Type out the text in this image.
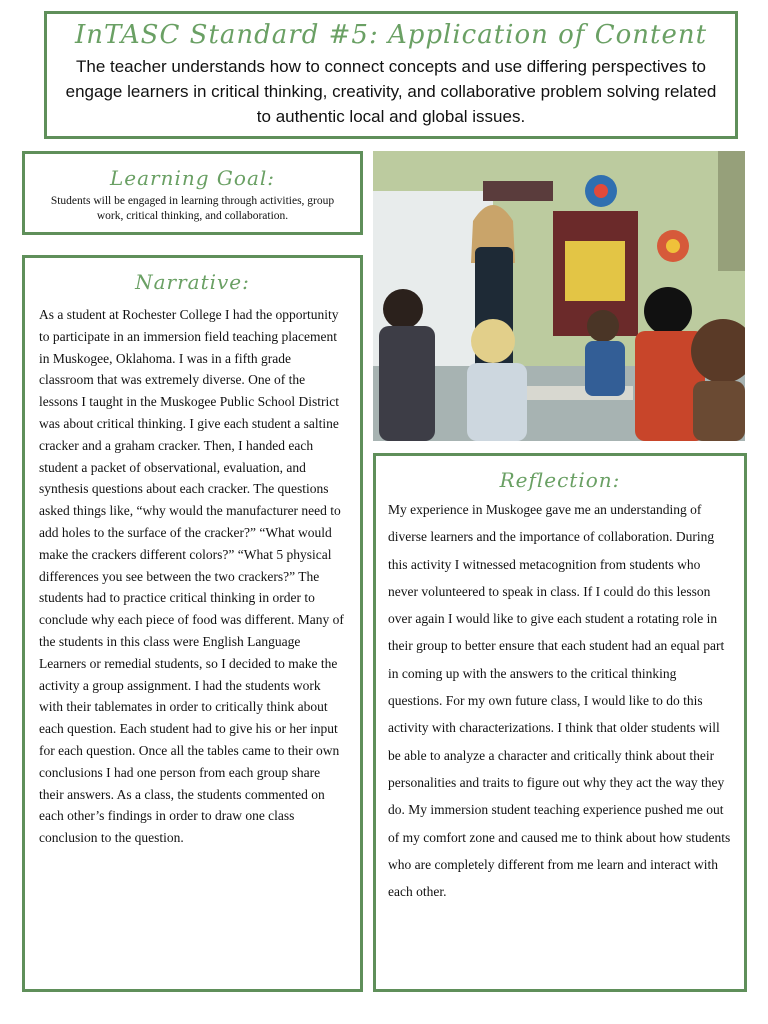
InTASC Standard #5: Application of Content
The teacher understands how to connect concepts and use differing perspectives to engage learners in critical thinking, creativity, and collaborative problem solving related to authentic local and global issues.
Learning Goal:
Students will be engaged in learning through activities, group work, critical thinking, and collaboration.
Narrative:
As a student at Rochester College I had the opportunity to participate in an immersion field teaching placement in Muskogee, Oklahoma. I was in a fifth grade classroom that was extremely diverse. One of the lessons I taught in the Muskogee Public School District was about critical thinking. I give each student a saltine cracker and a graham cracker. Then, I handed each student a packet of observational, evaluation, and synthesis questions about each cracker. The questions asked things like, “why would the manufacturer need to add holes to the surface of the cracker?” “What would make the crackers different colors?” “What 5 physical differences you see between the two crackers?” The students had to practice critical thinking in order to conclude why each piece of food was different. Many of the students in this class were English Language Learners or remedial students, so I decided to make the activity a group assignment. I had the students work with their tablemates in order to critically think about each question. Each student had to give his or her input for each question. Once all the tables came to their own conclusions I had one person from each group share their answers. As a class, the students commented on each other’s findings in order to draw one class conclusion to the question.
Reflection:
My experience in Muskogee gave me an understanding of diverse learners and the importance of collaboration. During this activity I witnessed metacognition from students who never volunteered to speak in class. If I could do this lesson over again I would like to give each student a rotating role in their group to better ensure that each student had an equal part in coming up with the answers to the critical thinking questions. For my own future class, I would like to do this activity with characterizations. I think that older students will be able to analyze a character and critically think about their personalities and traits to figure out why they act the way they do. My immersion student teaching experience pushed me out of my comfort zone and caused me to think about how students who are completely different from me learn and interact with each other.
